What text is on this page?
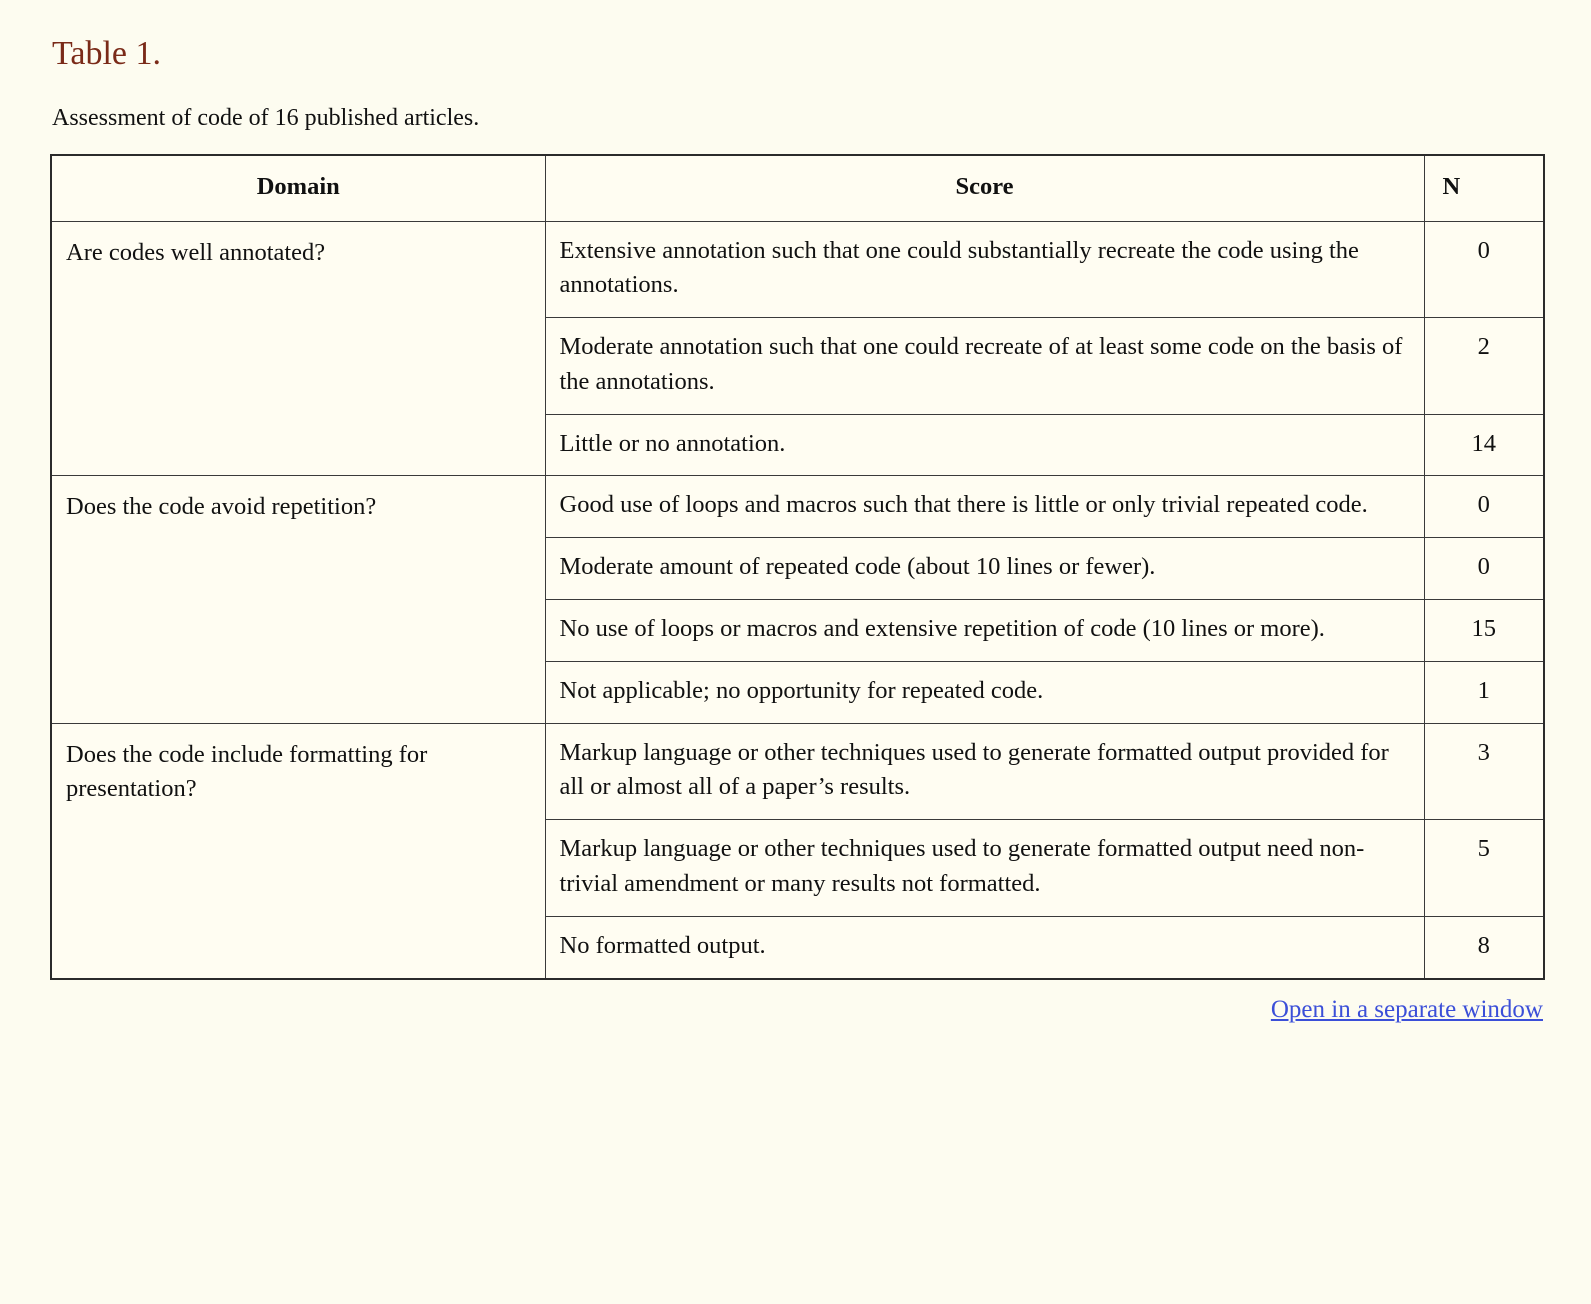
Table 1.
Assessment of code of 16 published articles.
Domain	Score	N
Are codes well annotated?	Extensive annotation such that one could substantially recreate the code using the annotations.	0
	Moderate annotation such that one could recreate of at least some code on the basis of the annotations.	2
	Little or no annotation.	14
Does the code avoid repetition?	Good use of loops and macros such that there is little or only trivial repeated code.	0
	Moderate amount of repeated code (about 10 lines or fewer).	0
	No use of loops or macros and extensive repetition of code (10 lines or more).	15
	Not applicable; no opportunity for repeated code.	1
Does the code include formatting for presentation?	Markup language or other techniques used to generate formatted output provided for all or almost all of a paper’s results.	3
	Markup language or other techniques used to generate formatted output need non-trivial amendment or many results not formatted.	5
	No formatted output.	8
Open in a separate window
